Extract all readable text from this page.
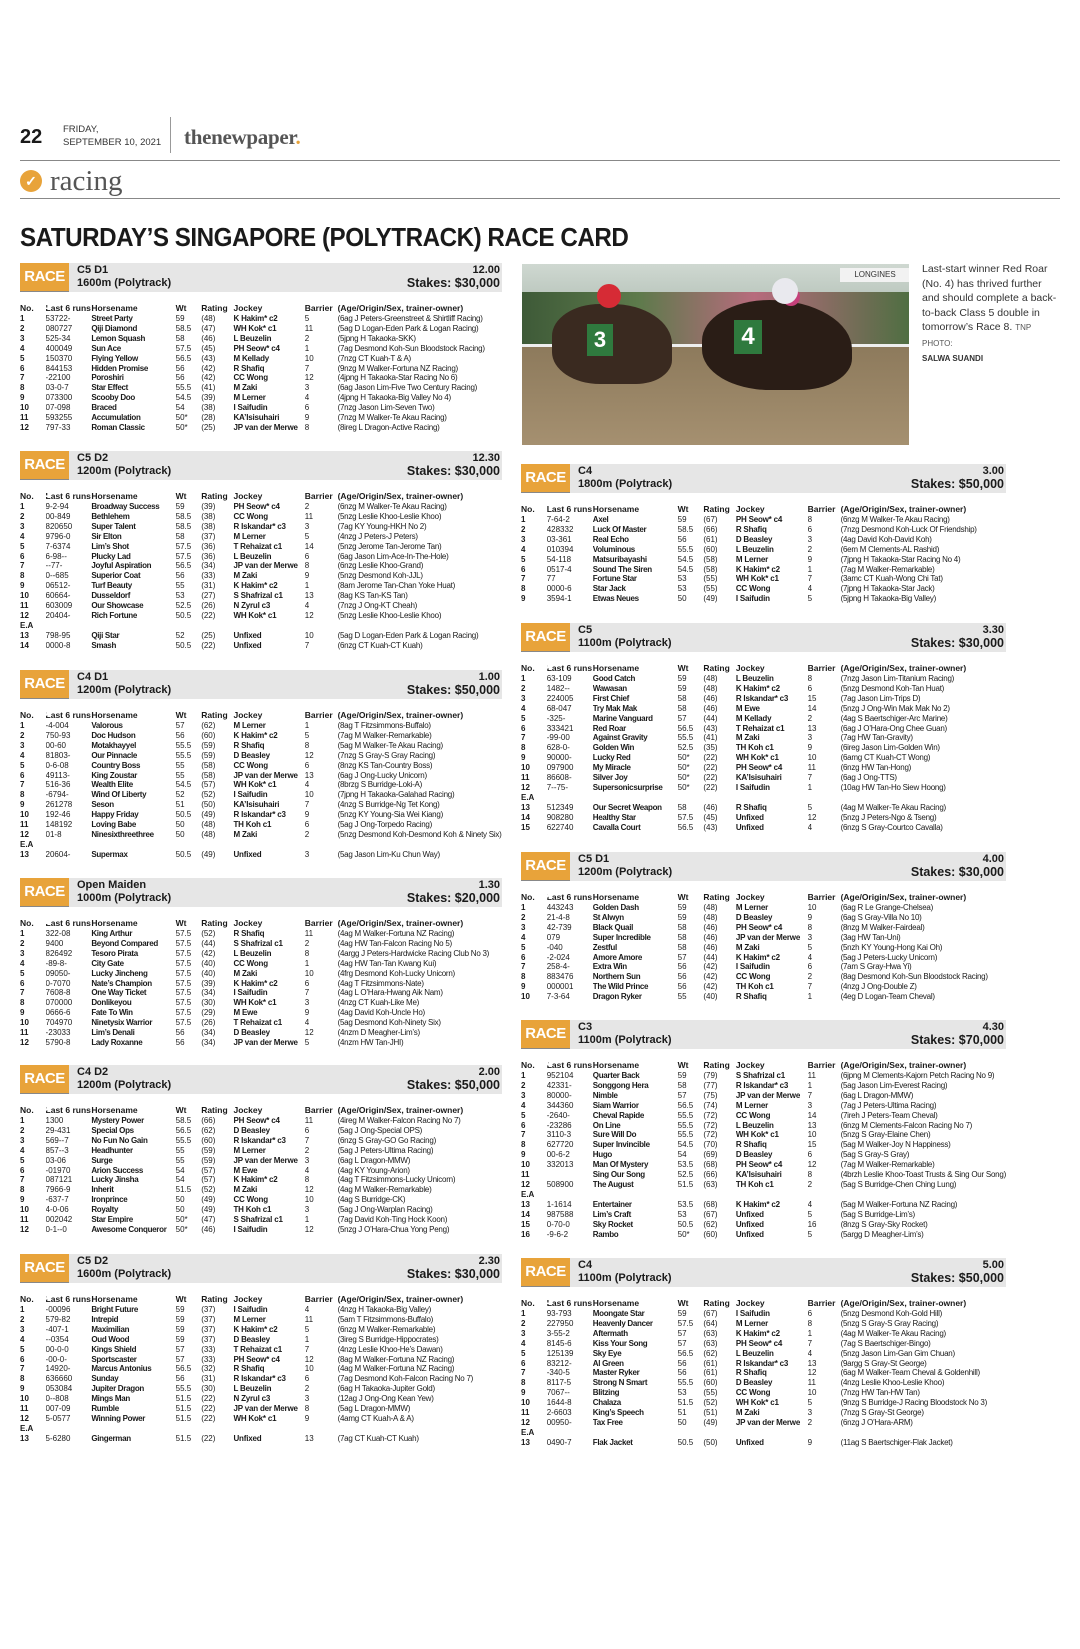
22 FRIDAY,
SEPTEMBER 10, 2021 thenewpaper.
✓ racing
SATURDAY’S SINGAPORE (POLYTRACK) RACE CARD
LONGINES
3	4
Last-start winner Red Roar (No. 4) has thrived further and should complete a back-to-back Class 5 double in tomorrow’s Race 8. TNP PHOTO:
SALWA SUANDI
RACE 1
C5 D1
1600m (Polytrack)
12.00
Stakes: $30,000
No.	Last 6 runs	Horsename	Wt	Rating	Jockey	Barrier	(Age/Origin/Sex, trainer-owner)
1	53722-	Street Party	59	(48)	K Hakim* c2	5	(6ag J Peters-Greenstreet & Shirtliff Racing)
2	080727	Qiji Diamond	58.5	(47)	WH Kok* c1	11	(5ag D Logan-Eden Park & Logan Racing)
3	525-34	Lemon Squash	58	(46)	L Beuzelin	2	(5jpng H Takaoka-SKK)
4	400049	Sun Ace	57.5	(45)	PH Seow* c4	1	(7ag Desmond Koh-Sun Bloodstock Racing)
5	150370	Flying Yellow	56.5	(43)	M Kellady	10	(7nzg CT Kuah-T & A)
6	844153	Hidden Promise	56	(42)	R Shafiq	7	(9nzg M Walker-Fortuna NZ Racing)
7	-22100	Poroshiri	56	(42)	CC Wong	12	(4jpng H Takaoka-Star Racing No 6)
8	03-0-7	Star Effect	55.5	(41)	M Zaki	3	(6ag Jason Lim-Five Two Century Racing)
9	073300	Scooby Doo	54.5	(39)	M Lerner	4	(4jpng H Takaoka-Big Valley No 4)
10	07-098	Braced	54	(38)	I Saifudin	6	(7nzg Jason Lim-Seven Two)
11	593255	Accumulation	50*	(28)	KA’Isisuhairi	9	(7nzg M Walker-Te Akau Racing)
12	797-33	Roman Classic	50*	(25)	JP van der Merwe	8	(8ireg L Dragon-Active Racing)
RACE 2
C5 D2
1200m (Polytrack)
12.30
Stakes: $30,000
No.	Last 6 runs	Horsename	Wt	Rating	Jockey	Barrier	(Age/Origin/Sex, trainer-owner)
1	9-2-94	Broadway Success	59	(39)	PH Seow* c4	2	(6nzg M Walker-Te Akau Racing)
2	00-849	Bethlehem	58.5	(38)	CC Wong	11	(5nzg Leslie Khoo-Leslie Khoo)
3	820650	Super Talent	58.5	(38)	R Iskandar* c3	3	(7ag KY Young-HKH No 2)
4	9796-0	Sir Elton	58	(37)	M Lerner	5	(4nzg J Peters-J Peters)
5	7-6374	Lim’s Shot	57.5	(36)	T Rehaizat c1	14	(5nzg Jerome Tan-Jerome Tan)
6	6-98--	Plucky Lad	57.5	(36)	L Beuzelin	6	(6ag Jason Lim-Ace-In-The-Hole)
7	--77-	Joyful Aspiration	56.5	(34)	JP van der Merwe	8	(6nzg Leslie Khoo-Grand)
8	0--685	Superior Coat	56	(33)	M Zaki	9	(5nzg Desmond Koh-JJL)
9	06512-	Turf Beauty	55	(31)	K Hakim* c2	1	(8am Jerome Tan-Chan Yoke Huat)
10	60664-	Dusseldorf	53	(27)	S Shafrizal c1	13	(8ag KS Tan-KS Tan)
11	603009	Our Showcase	52.5	(26)	N Zyrul c3	4	(7nzg J Ong-KT Cheah)
12	20404-	Rich Fortune	50.5	(22)	WH Kok* c1	12	(5nzg Leslie Khoo-Leslie Khoo)
E.A							
13	798-95	Qiji Star	52	(25)	Unfixed	10	(5ag D Logan-Eden Park & Logan Racing)
14	0000-8	Smash	50.5	(22)	Unfixed	7	(6nzg CT Kuah-CT Kuah)
RACE 3
C4 D1
1200m (Polytrack)
1.00
Stakes: $50,000
No.	Last 6 runs	Horsename	Wt	Rating	Jockey	Barrier	(Age/Origin/Sex, trainer-owner)
1	-4-004	Valorous	57	(62)	M Lerner	1	(8ag T Fitzsimmons-Buffalo)
2	750-93	Doc Hudson	56	(60)	K Hakim* c2	5	(7ag M Walker-Remarkable)
3	00-60	Motakhayyel	55.5	(59)	R Shafiq	8	(5ag M Walker-Te Akau Racing)
4	81803-	Our Pinnacle	55.5	(59)	D Beasley	12	(7nzg S Gray-S Gray Racing)
5	0-6-08	Country Boss	55	(58)	CC Wong	6	(8nzg KS Tan-Country Boss)
6	49113-	King Zoustar	55	(58)	JP van der Merwe	13	(6ag J Ong-Lucky Unicorn)
7	516-36	Wealth Elite	54.5	(57)	WH Kok* c1	4	(8brzg S Burridge-Loki-A)
8	-6794-	Wind Of Liberty	52	(52)	I Saifudin	10	(7jpng H Takaoka-Galahad Racing)
9	261278	Seson	51	(50)	KA’Isisuhairi	7	(4nzg S Burridge-Ng Tet Kong)
10	192-46	Happy Friday	50.5	(49)	R Iskandar* c3	9	(5nzg KY Young-Sia Wei Kiang)
11	148192	Loving Babe	50	(48)	TH Koh c1	6	(5ag J Ong-Torpedo Racing)
12	01-8	Ninesixthreethree	50	(48)	M Zaki	2	(5nzg Desmond Koh-Desmond Koh & Ninety Six)
E.A							
13	20604-	Supermax	50.5	(49)	Unfixed	3	(5ag Jason Lim-Ku Chun Way)
RACE 4
Open Maiden
1000m (Polytrack)
1.30
Stakes: $20,000
No.	Last 6 runs	Horsename	Wt	Rating	Jockey	Barrier	(Age/Origin/Sex, trainer-owner)
1	322-08	King Arthur	57.5	(52)	R Shafiq	11	(4ag M Walker-Fortuna NZ Racing)
2	9400	Beyond Compared	57.5	(44)	S Shafrizal c1	2	(4ag HW Tan-Falcon Racing No 5)
3	826492	Tesoro Pirata	57.5	(42)	L Beuzelin	8	(4argg J Peters-Hardwicke Racing Club No 3)
4	-89-8-	City Gate	57.5	(40)	CC Wong	1	(4ag HW Tan-Tan Kwang Kui)
5	09050-	Lucky Jincheng	57.5	(40)	M Zaki	10	(4frg Desmond Koh-Lucky Unicorn)
6	0-7070	Nate’s Champion	57.5	(39)	K Hakim* c2	6	(4ag T Fitzsimmons-Nate)
7	7608-8	One Way Ticket	57.5	(34)	I Saifudin	7	(4ag L O’Hara-Hwang Aik Nam)
8	070000	Donlikeyou	57.5	(30)	WH Kok* c1	3	(4nzg CT Kuah-Like Me)
9	0666-6	Fate To Win	57.5	(29)	M Ewe	9	(4ag David Koh-Uncle Ho)
10	704970	Ninetysix Warrior	57.5	(26)	T Rehaizat c1	4	(5ag Desmond Koh-Ninety Six)
11	-23033	Lim’s Denali	56	(34)	D Beasley	12	(4nzm D Meagher-Lim’s)
12	5790-8	Lady Roxanne	56	(34)	JP van der Merwe	5	(4nzm HW Tan-JHI)
RACE 5
C4 D2
1200m (Polytrack)
2.00
Stakes: $50,000
No.	Last 6 runs	Horsename	Wt	Rating	Jockey	Barrier	(Age/Origin/Sex, trainer-owner)
1	1300	Mystery Power	58.5	(66)	PH Seow* c4	11	(4ireg M Walker-Falcon Racing No 7)
2	29-431	Special Ops	56.5	(62)	D Beasley	6	(5ag J Ong-Special OPS)
3	569--7	No Fun No Gain	55.5	(60)	R Iskandar* c3	7	(6nzg S Gray-GO Go Racing)
4	857--3	Headhunter	55	(59)	M Lerner	2	(5ag J Peters-Ultima Racing)
5	03-06	Surge	55	(59)	JP van der Merwe	3	(6ag L Dragon-MMW)
6	-01970	Arion Success	54	(57)	M Ewe	4	(4ag KY Young-Arion)
7	087121	Lucky Jinsha	54	(57)	K Hakim* c2	8	(4ag T Fitzsimmons-Lucky Unicorn)
8	7966-9	Inherit	51.5	(52)	M Zaki	12	(4ag M Walker-Remarkable)
9	-637-7	Ironprince	50	(49)	CC Wong	10	(4ag S Burridge-CK)
10	4-0-06	Royalty	50	(49)	TH Koh c1	3	(5ag J Ong-Warplan Racing)
11	002042	Star Empire	50*	(47)	S Shafrizal c1	1	(7ag David Koh-Ting Hock Koon)
12	0-1--0	Awesome Conqueror	50*	(46)	I Saifudin	12	(5nzg J O’Hara-Chua Yong Peng)
RACE 6
C5 D2
1600m (Polytrack)
2.30
Stakes: $30,000
No.	Last 6 runs	Horsename	Wt	Rating	Jockey	Barrier	(Age/Origin/Sex, trainer-owner)
1	-00096	Bright Future	59	(37)	I Saifudin	4	(4nzg H Takaoka-Big Valley)
2	579-82	Intrepid	59	(37)	M Lerner	11	(5am T Fitzsimmons-Buffalo)
3	-407-1	Maximilian	59	(37)	K Hakim* c2	5	(6nzg M Walker-Remarkable)
4	--0354	Oud Wood	59	(37)	D Beasley	1	(3ireg S Burridge-Hippocrates)
5	00-0-0	Kings Shield	57	(33)	T Rehaizat c1	7	(4nzg Leslie Khoo-He’s Dawan)
6	-00-0-	Sportscaster	57	(33)	PH Seow* c4	12	(8ag M Walker-Fortuna NZ Racing)
7	14920-	Marcus Antonius	56.5	(32)	R Shafiq	10	(4ag M Walker-Fortuna NZ Racing)
8	636660	Sunday	56	(31)	R Iskandar* c3	6	(7ag Desmond Koh-Falcon Racing No 7)
9	053084	Jupiter Dragon	55.5	(30)	L Beuzelin	2	(6ag H Takaoka-Jupiter Gold)
10	0--808	Mings Man	51.5	(22)	N Zyrul c3	3	(12ag J Ong-Ong Kean Yew)
11	007-09	Rumble	51.5	(22)	JP van der Merwe	8	(5ag L Dragon-MMW)
12	5-0577	Winning Power	51.5	(22)	WH Kok* c1	9	(4amg CT Kuah-A & A)
E.A							
13	5-6280	Gingerman	51.5	(22)	Unfixed	13	(7ag CT Kuah-CT Kuah)
RACE 7
C4
1800m (Polytrack)
3.00
Stakes: $50,000
No.	Last 6 runs	Horsename	Wt	Rating	Jockey	Barrier	(Age/Origin/Sex, trainer-owner)
1	7-64-2	Axel	59	(67)	PH Seow* c4	8	(6nzg M Walker-Te Akau Racing)
2	428332	Luck Of Master	58.5	(66)	R Shafiq	6	(7nzg Desmond Koh-Luck Of Friendship)
3	03-361	Real Echo	56	(61)	D Beasley	3	(4ag David Koh-David Koh)
4	010394	Voluminous	55.5	(60)	L Beuzelin	2	(6em M Clements-AL Rashid)
5	54-118	Matsuribayashi	54.5	(58)	M Lerner	9	(7jpng H Takaoka-Star Racing No 4)
6	0517-4	Sound The Siren	54.5	(58)	K Hakim* c2	1	(7ag M Walker-Remarkable)
7	77	Fortune Star	53	(55)	WH Kok* c1	7	(3amc CT Kuah-Wong Chi Tat)
8	0000-6	Star Jack	53	(55)	CC Wong	4	(7jpng H Takaoka-Star Jack)
9	3594-1	Etwas Neues	50	(49)	I Saifudin	5	(5jpng H Takaoka-Big Valley)
RACE 8
C5
1100m (Polytrack)
3.30
Stakes: $30,000
No.	Last 6 runs	Horsename	Wt	Rating	Jockey	Barrier	(Age/Origin/Sex, trainer-owner)
1	63-109	Good Catch	59	(48)	L Beuzelin	8	(7nzg Jason Lim-Titanium Racing)
2	1482--	Wawasan	59	(48)	K Hakim* c2	6	(5nzg Desmond Koh-Tan Huat)
3	224005	First Chief	58	(46)	R Iskandar* c3	15	(7ag Jason Lim-Trips D)
4	68-047	Try Mak Mak	58	(46)	M Ewe	14	(5nzg J Ong-Win Mak Mak No 2)
5	-325-	Marine Vanguard	57	(44)	M Kellady	2	(4ag S Baertschiger-Arc Marine)
6	333421	Red Roar	56.5	(43)	T Rehaizat c1	13	(6ag J O’Hara-Ong Chee Guan)
7	-99-00	Against Gravity	55.5	(41)	M Zaki	3	(7ag HW Tan-Gravity)
8	628-0-	Golden Win	52.5	(35)	TH Koh c1	9	(6ireg Jason Lim-Golden Win)
9	90000-	Lucky Red	50*	(22)	WH Kok* c1	10	(6amg CT Kuah-CT Wong)
10	097900	My Miracle	50*	(22)	PH Seow* c4	11	(6nzg HW Tan-Hong)
11	86608-	Silver Joy	50*	(22)	KA’Isisuhairi	7	(6ag J Ong-TTS)
12	7--75-	Supersonicsurprise	50*	(22)	I Saifudin	1	(10ag HW Tan-Ho Siew Hoong)
E.A							
13	512349	Our Secret Weapon	58	(46)	R Shafiq	5	(4ag M Walker-Te Akau Racing)
14	908280	Healthy Star	57.5	(45)	Unfixed	12	(5nzg J Peters-Ngo & Tseng)
15	622740	Cavalla Court	56.5	(43)	Unfixed	4	(6nzg S Gray-Courtco Cavalla)
RACE 9
C5 D1
1200m (Polytrack)
4.00
Stakes: $30,000
No.	Last 6 runs	Horsename	Wt	Rating	Jockey	Barrier	(Age/Origin/Sex, trainer-owner)
1	443243	Golden Dash	59	(48)	M Lerner	10	(6ag R Le Grange-Chelsea)
2	21-4-8	St Alwyn	59	(48)	D Beasley	9	(6ag S Gray-Villa No 10)
3	42-739	Black Quail	58	(46)	PH Seow* c4	8	(8nzg M Walker-Fairdeal)
4	079	Super Incredible	58	(46)	JP van der Merwe	3	(3ag HW Tan-Uni)
5	-040	Zestful	58	(46)	M Zaki	5	(5nzh KY Young-Hong Kai Oh)
6	-2-024	Amore Amore	57	(44)	K Hakim* c2	4	(5ag J Peters-Lucky Unicorn)
7	258-4-	Extra Win	56	(42)	I Saifudin	6	(7am S Gray-Hwa Yi)
8	883476	Northern Sun	56	(42)	CC Wong	2	(8ag Desmond Koh-Sun Bloodstock Racing)
9	000001	The Wild Prince	56	(42)	TH Koh c1	7	(4nzg J Ong-Double Z)
10	7-3-64	Dragon Ryker	55	(40)	R Shafiq	1	(4eg D Logan-Team Cheval)
RACE 10
C3
1100m (Polytrack)
4.30
Stakes: $70,000
No.	Last 6 runs	Horsename	Wt	Rating	Jockey	Barrier	(Age/Origin/Sex, trainer-owner)
1	952104	Quarter Back	59	(79)	S Shafrizal c1	11	(6jpng M Clements-Kajorn Petch Racing No 9)
2	42331-	Songgong Hera	58	(77)	R Iskandar* c3	1	(5ag Jason Lim-Everest Racing)
3	80000-	Nimble	57	(75)	JP van der Merwe	7	(6ag L Dragon-MMW)
4	344360	Siam Warrior	56.5	(74)	M Lerner	3	(7ag J Peters-Ultima Racing)
5	-2640-	Cheval Rapide	55.5	(72)	CC Wong	14	(7ireh J Peters-Team Cheval)
6	-23286	On Line	55.5	(72)	L Beuzelin	13	(6nzg M Clements-Falcon Racing No 7)
7	3110-3	Sure Will Do	55.5	(72)	WH Kok* c1	10	(5nzg S Gray-Elaine Chen)
8	627720	Super Invincible	54.5	(70)	R Shafiq	15	(5ag M Walker-Joy N Happiness)
9	00-6-2	Hugo	54	(69)	D Beasley	6	(5ag S Gray-S Gray)
10	332013	Man Of Mystery	53.5	(68)	PH Seow* c4	12	(7ag M Walker-Remarkable)
11		Sing Our Song	52.5	(66)	KA’Isisuhairi	8	(4brzh Leslie Khoo-Toast Trusts & Sing Our Song)
12	508900	The August	51.5	(63)	TH Koh c1	2	(5ag S Burridge-Chen Ching Lung)
E.A							
13	1-1614	Entertainer	53.5	(68)	K Hakim* c2	4	(5ag M Walker-Fortuna NZ Racing)
14	987588	Lim’s Craft	53	(67)	Unfixed	5	(5ag S Burridge-Lim’s)
15	0-70-0	Sky Rocket	50.5	(62)	Unfixed	16	(8nzg S Gray-Sky Rocket)
16	-9-6-2	Rambo	50*	(60)	Unfixed	5	(5argg D Meagher-Lim’s)
RACE 11
C4
1100m (Polytrack)
5.00
Stakes: $50,000
No.	Last 6 runs	Horsename	Wt	Rating	Jockey	Barrier	(Age/Origin/Sex, trainer-owner)
1	93-793	Moongate Star	59	(67)	I Saifudin	6	(5nzg Desmond Koh-Gold Hill)
2	227950	Heavenly Dancer	57.5	(64)	M Lerner	8	(5nzg S Gray-S Gray Racing)
3	3-55-2	Aftermath	57	(63)	K Hakim* c2	1	(4ag M Walker-Te Akau Racing)
4	8145-6	Kiss Your Song	57	(63)	PH Seow* c4	7	(7ag S Baertschiger-Bingo)
5	125139	Sky Eye	56.5	(62)	L Beuzelin	4	(5nzg Jason Lim-Gan Gim Chuan)
6	83212-	Al Green	56	(61)	R Iskandar* c3	13	(9argg S Gray-St George)
7	-340-5	Master Ryker	56	(61)	R Shafiq	12	(6ag M Walker-Team Cheval & Goldenhill)
8	8117-5	Strong N Smart	55.5	(60)	D Beasley	11	(4nzg Leslie Khoo-Leslie Khoo)
9	7067--	Blitzing	53	(55)	CC Wong	10	(7nzg HW Tan-HW Tan)
10	1644-8	Chalaza	51.5	(52)	WH Kok* c1	5	(9nzg S Burridge-J Racing Bloodstock No 3)
11	2-6603	King’s Speech	51	(51)	M Zaki	3	(7nzg S Gray-St George)
12	00950-	Tax Free	50	(49)	JP van der Merwe	2	(6nzg J O’Hara-ARM)
E.A							
13	0490-7	Flak Jacket	50.5	(50)	Unfixed	9	(11ag S Baertschiger-Flak Jacket)
